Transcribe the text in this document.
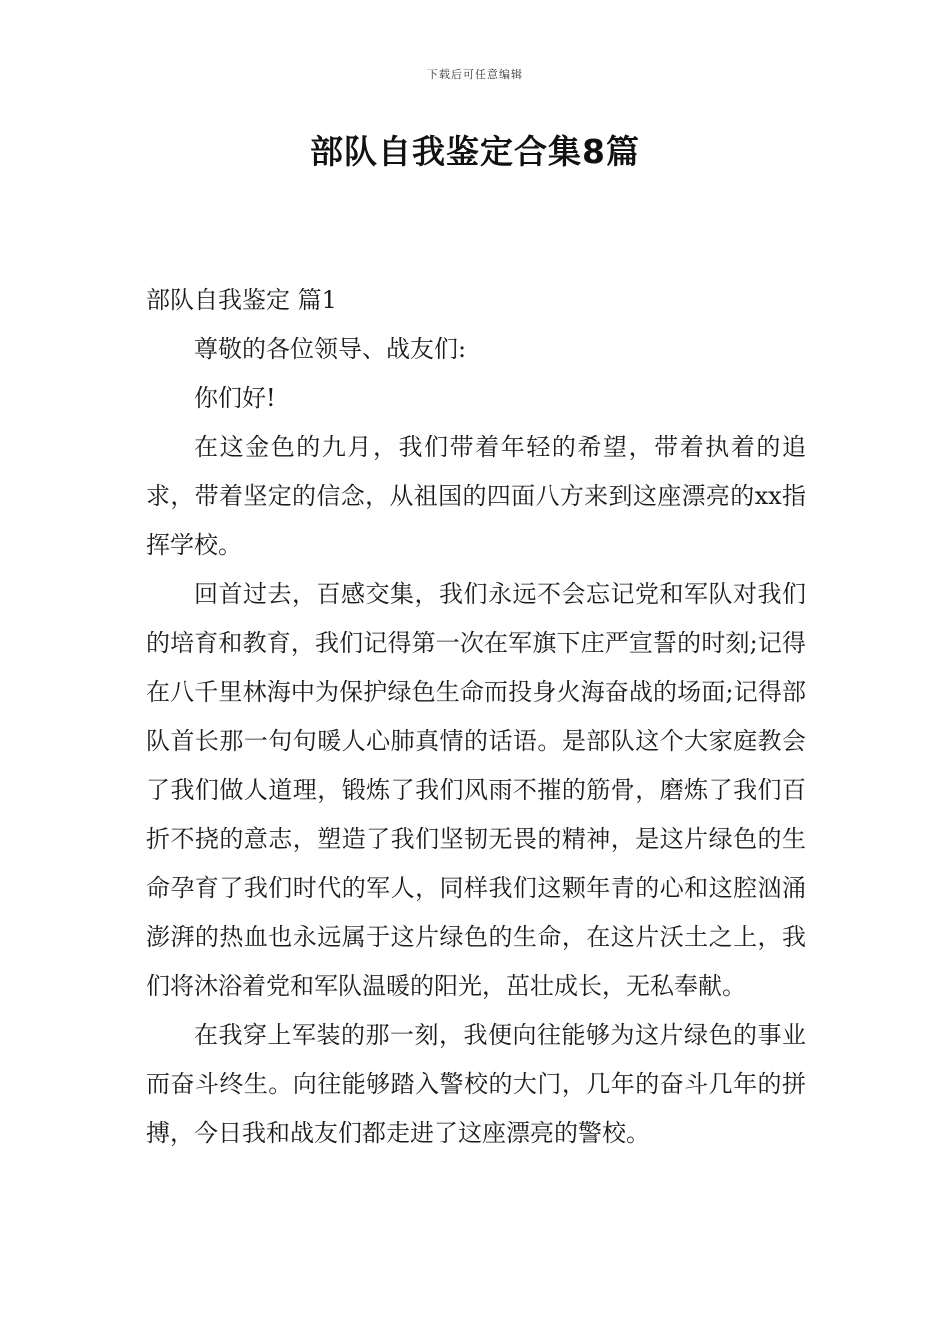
下载后可任意编辑
部队自我鉴定合集8篇
部队自我鉴定 篇1

尊敬的各位领导、战友们:

你们好!

在这金色的九月，我们带着年轻的希望，带着执着的追求，带着坚定的信念，从祖国的四面八方来到这座漂亮的xx指挥学校。

回首过去，百感交集，我们永远不会忘记党和军队对我们的培育和教育，我们记得第一次在军旗下庄严宣誓的时刻;记得在八千里林海中为保护绿色生命而投身火海奋战的场面;记得部队首长那一句句暖人心肺真情的话语。是部队这个大家庭教会了我们做人道理，锻炼了我们风雨不摧的筋骨，磨炼了我们百折不挠的意志，塑造了我们坚韧无畏的精神，是这片绿色的生命孕育了我们时代的军人，同样我们这颗年青的心和这腔汹涌澎湃的热血也永远属于这片绿色的生命，在这片沃土之上，我们将沐浴着党和军队温暖的阳光，茁壮成长，无私奉献。

在我穿上军装的那一刻，我便向往能够为这片绿色的事业而奋斗终生。向往能够踏入警校的大门，几年的奋斗几年的拼搏，今日我和战友们都走进了这座漂亮的警校。
